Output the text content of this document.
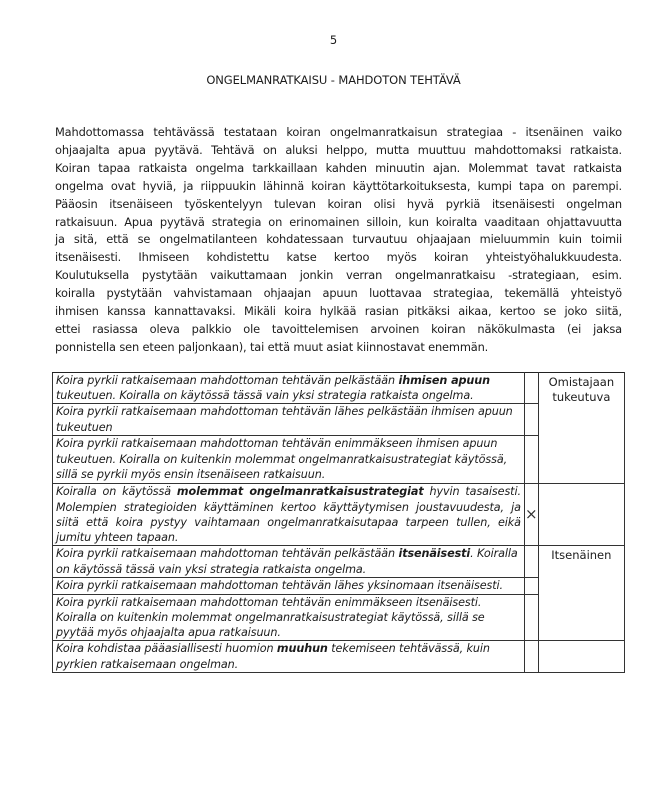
5
ONGELMANRATKAISU - MAHDOTON TEHTÄVÄ
Mahdottomassa tehtävässä testataan koiran ongelmanratkaisun strategiaa - itsenäinen vaiko
ohjaajalta apua pyytävä. Tehtävä on aluksi helppo, mutta muuttuu mahdottomaksi ratkaista.
Koiran tapaa ratkaista ongelma tarkkaillaan kahden minuutin ajan. Molemmat tavat ratkaista
ongelma ovat hyviä, ja riippuukin lähinnä koiran käyttötarkoituksesta, kumpi tapa on parempi.
Pääosin itsenäiseen työskentelyyn tulevan koiran olisi hyvä pyrkiä itsenäisesti ongelman
ratkaisuun. Apua pyytävä strategia on erinomainen silloin, kun koiralta vaaditaan ohjattavuutta
ja sitä, että se ongelmatilanteen kohdatessaan turvautuu ohjaajaan mieluummin kuin toimii
itsenäisesti. Ihmiseen kohdistettu katse kertoo myös koiran yhteistyöhalukkuudesta.
Koulutuksella pystytään vaikuttamaan jonkin verran ongelmanratkaisu -strategiaan, esim.
koiralla pystytään vahvistamaan ohjaajan apuun luottavaa strategiaa, tekemällä yhteistyö
ihmisen kanssa kannattavaksi. Mikäli koira hylkää rasian pitkäksi aikaa, kertoo se joko siitä,
ettei rasiassa oleva palkkio ole tavoittelemisen arvoinen koiran näkökulmasta (ei jaksa
ponnistella sen eteen paljonkaan), tai että muut asiat kiinnostavat enemmän.
Koira pyrkii ratkaisemaan mahdottoman tehtävän pelkästään ihmisen apuun tukeutuen. Koiralla on käytössä tässä vain yksi strategia ratkaista ongelma.		Omistajaan tukeutuva
Koira pyrkii ratkaisemaan mahdottoman tehtävän lähes pelkästään ihmisen apuun tukeutuen		
Koira pyrkii ratkaisemaan mahdottoman tehtävän enimmäkseen ihmisen apuun tukeutuen. Koiralla on kuitenkin molemmat ongelmanratkaisustrategiat käytössä, sillä se pyrkii myös ensin itsenäiseen ratkaisuun.		
Koiralla on käytössä molemmat ongelmanratkaisustrategiat hyvin tasaisesti. Molempien strategioiden käyttäminen kertoo käyttäytymisen joustavuudesta, ja siitä että koira pystyy vaihtamaan ongelmanratkaisutapaa tarpeen tullen, eikä jumitu yhteen tapaan.	×	
Koira pyrkii ratkaisemaan mahdottoman tehtävän pelkästään itsenäisesti. Koiralla on käytössä tässä vain yksi strategia ratkaista ongelma.		Itsenäinen
Koira pyrkii ratkaisemaan mahdottoman tehtävän lähes yksinomaan itsenäisesti.		
Koira pyrkii ratkaisemaan mahdottoman tehtävän enimmäkseen itsenäisesti. Koiralla on kuitenkin molemmat ongelmanratkaisustrategiat käytössä, sillä se pyytää myös ohjaajalta apua ratkaisuun.		
Koira kohdistaa pääasiallisesti huomion muuhun tekemiseen tehtävässä, kuin pyrkien ratkaisemaan ongelman.		
